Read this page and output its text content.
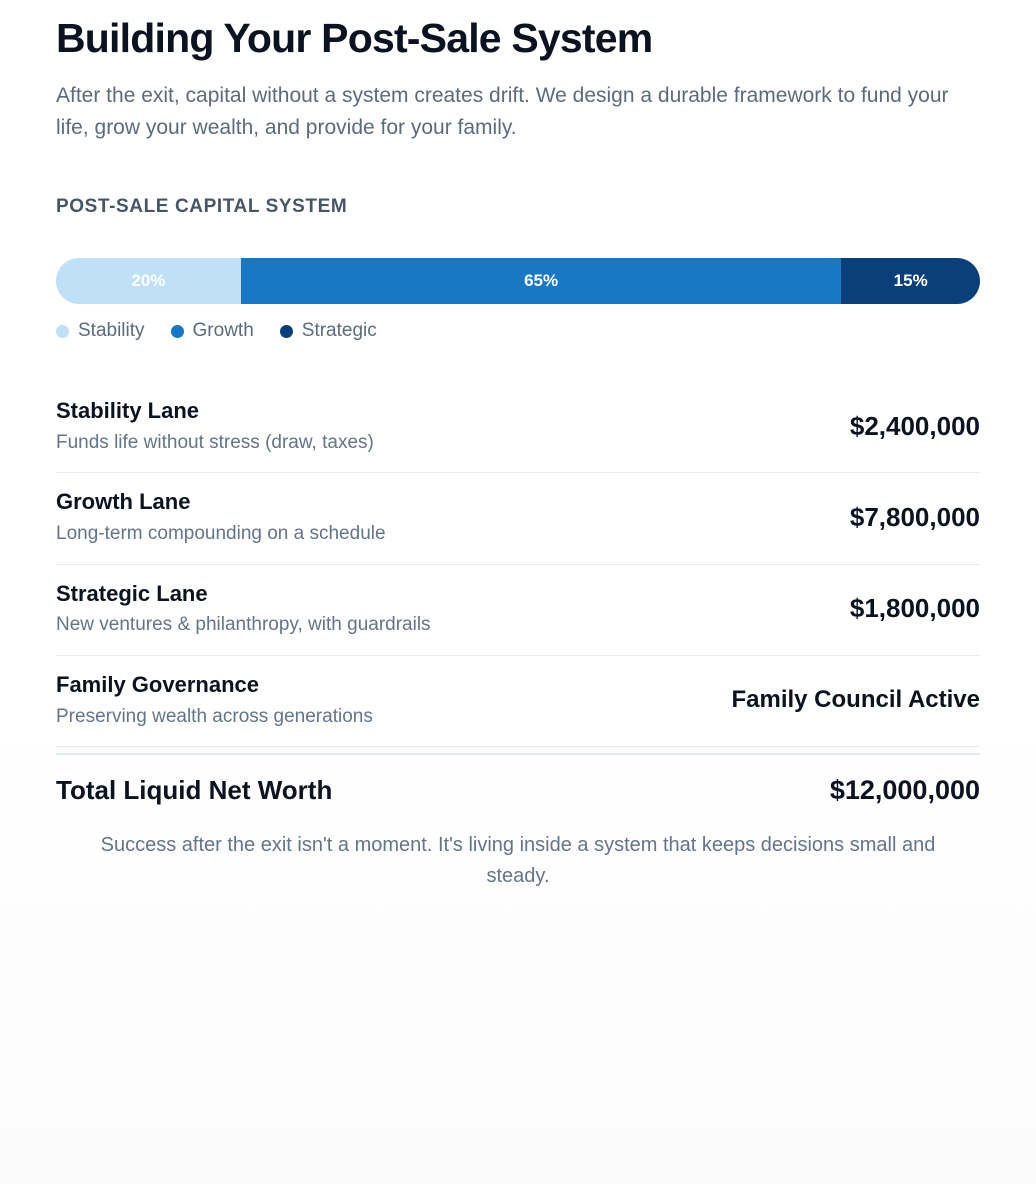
Building Your Post-Sale System

After the exit, capital without a system creates drift. We design a durable framework to fund your life, grow your wealth, and provide for your family.

POST-SALE CAPITAL SYSTEM
20%	65%	15%
Stability	Growth	Strategic
Stability Lane
Funds life without stress (draw, taxes)
$2,400,000
Growth Lane
Long-term compounding on a schedule
$7,800,000
Strategic Lane
New ventures & philanthropy, with guardrails
$1,800,000
Family Governance
Preserving wealth across generations
Family Council Active
Total Liquid Net Worth	$12,000,000
Success after the exit isn't a moment. It's living inside a system that keeps decisions small and steady.
